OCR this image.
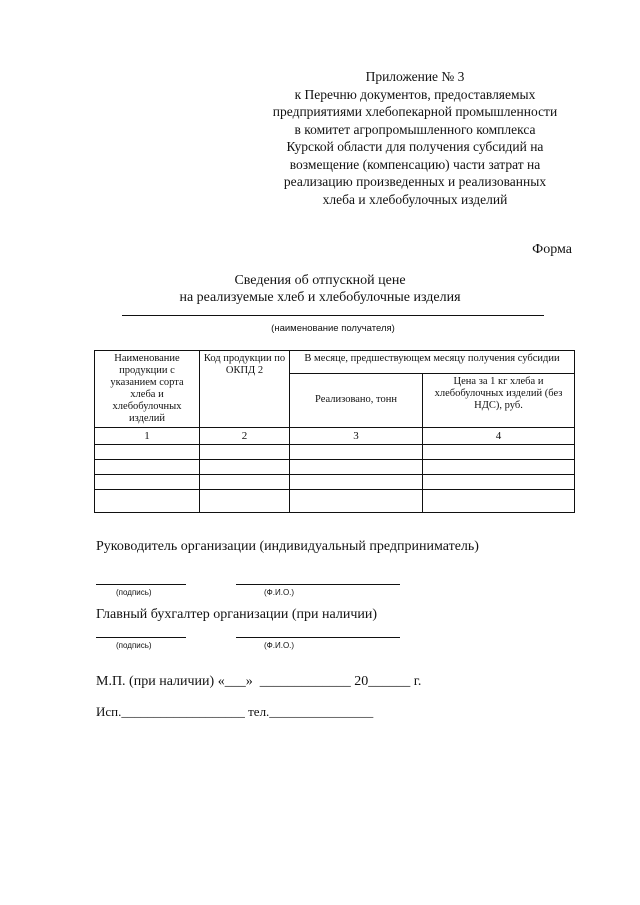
Приложение № 3
к Перечню документов, предоставляемых
предприятиями хлебопекарной промышленности
в комитет агропромышленного комплекса
Курской области для получения субсидий на
возмещение (компенсацию) части затрат на
реализацию произведенных и реализованных
хлеба и хлебобулочных изделий
Форма
Сведения об отпускной цене
на реализуемые хлеб и хлебобулочные изделия
(наименование получателя)
Наименование продукции с указанием сорта хлеба и хлебобулочных изделий	Код продукции по ОКПД 2	В месяце, предшествующем месяцу получения субсидии	
		Реализовано, тонн	Цена за 1 кг хлеба и хлебобулочных изделий (без НДС), руб.
1	2	3	4

Руководитель организации (индивидуальный предприниматель)
(подпись)	(Ф.И.О.)
Главный бухгалтер организации (при наличии)
(подпись)	(Ф.И.О.)
М.П. (при наличии) «___»  _____________ 20______ г.
Исп.___________________ тел.________________
